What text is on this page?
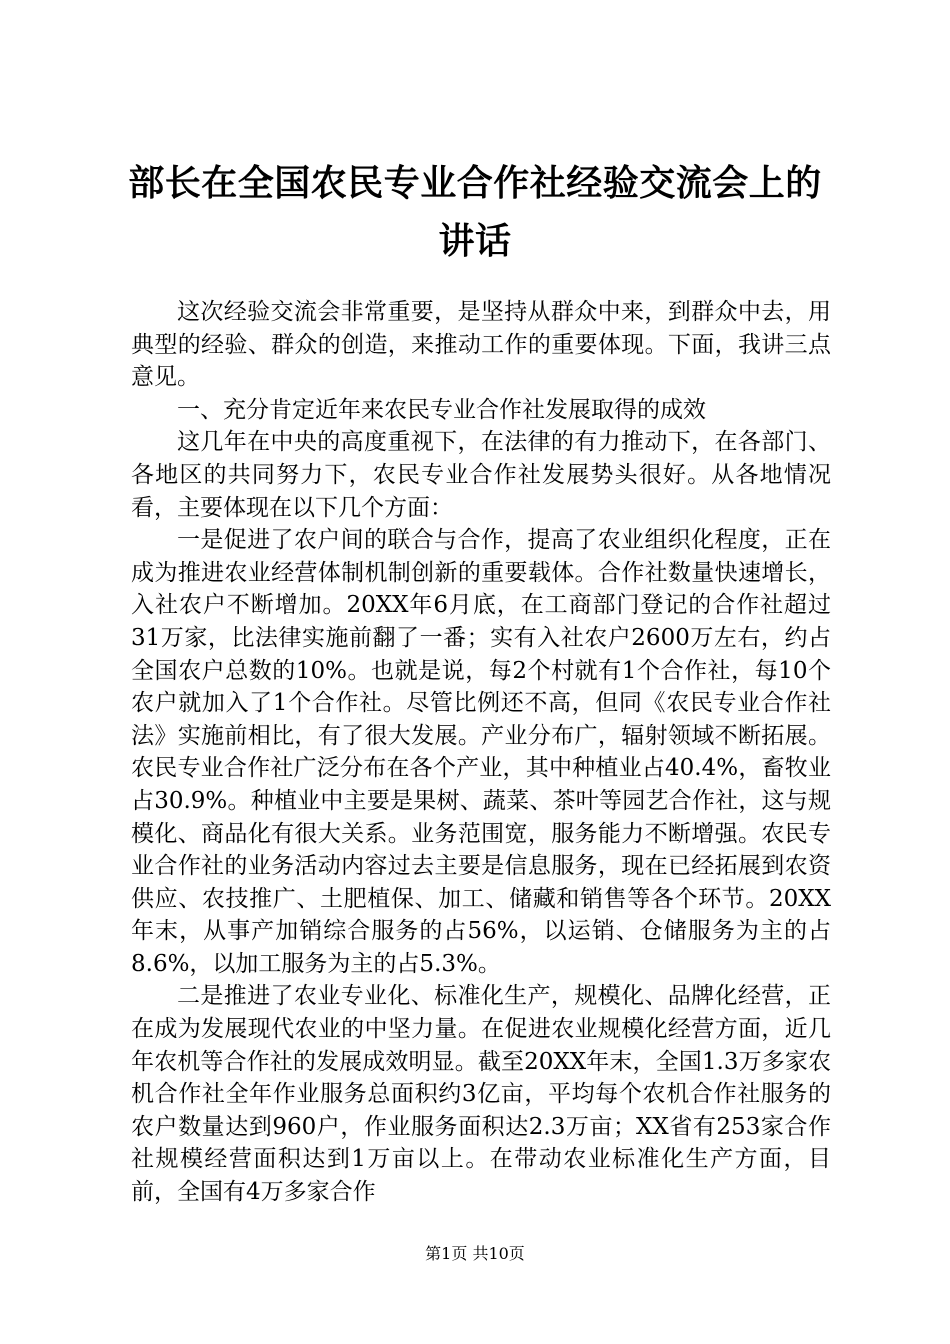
部长在全国农民专业合作社经验交流会上的讲话

这次经验交流会非常重要，是坚持从群众中来，到群众中去，用典型的经验、群众的创造，来推动工作的重要体现。下面，我讲三点意见。

一、充分肯定近年来农民专业合作社发展取得的成效

这几年在中央的高度重视下，在法律的有力推动下，在各部门、各地区的共同努力下，农民专业合作社发展势头很好。从各地情况看，主要体现在以下几个方面：

一是促进了农户间的联合与合作，提高了农业组织化程度，正在成为推进农业经营体制机制创新的重要载体。合作社数量快速增长，入社农户不断增加。20XX年6月底，在工商部门登记的合作社超过31万家，比法律实施前翻了一番；实有入社农户2600万左右，约占全国农户总数的10%。也就是说，每2个村就有1个合作社，每10个农户就加入了1个合作社。尽管比例还不高，但同《农民专业合作社法》实施前相比，有了很大发展。产业分布广，辐射领域不断拓展。农民专业合作社广泛分布在各个产业，其中种植业占40.4%，畜牧业占30.9%。种植业中主要是果树、蔬菜、茶叶等园艺合作社，这与规模化、商品化有很大关系。业务范围宽，服务能力不断增强。农民专业合作社的业务活动内容过去主要是信息服务，现在已经拓展到农资供应、农技推广、土肥植保、加工、储藏和销售等各个环节。20XX年末，从事产加销综合服务的占56%，以运销、仓储服务为主的占8.6%，以加工服务为主的占5.3%。

二是推进了农业专业化、标准化生产，规模化、品牌化经营，正在成为发展现代农业的中坚力量。在促进农业规模化经营方面，近几年农机等合作社的发展成效明显。截至20XX年末，全国1.3万多家农机合作社全年作业服务总面积约3亿亩，平均每个农机合作社服务的农户数量达到960户，作业服务面积达2.3万亩；XX省有253家合作社规模经营面积达到1万亩以上。在带动农业标准化生产方面，目前，全国有4万多家合作

第1页 共10页
